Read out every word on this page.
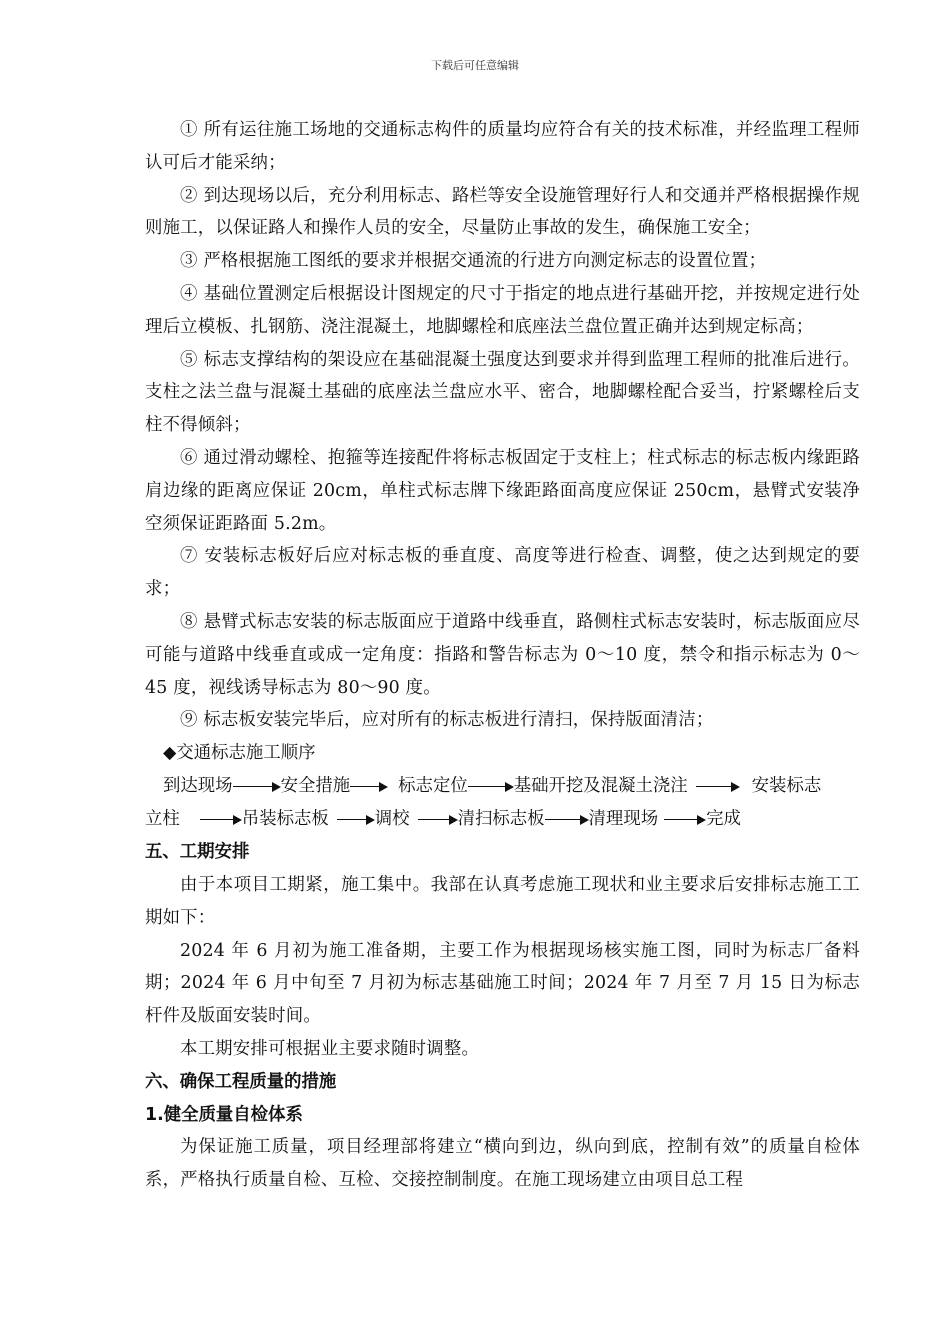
下载后可任意编辑

① 所有运往施工场地的交通标志构件的质量均应符合有关的技术标准，并经监理工程师认可后才能采纳；

② 到达现场以后，充分利用标志、路栏等安全设施管理好行人和交通并严格根据操作规则施工，以保证路人和操作人员的安全，尽量防止事故的发生，确保施工安全；

③ 严格根据施工图纸的要求并根据交通流的行进方向测定标志的设置位置；

④ 基础位置测定后根据设计图规定的尺寸于指定的地点进行基础开挖，并按规定进行处理后立模板、扎钢筋、浇注混凝土，地脚螺栓和底座法兰盘位置正确并达到规定标高；

⑤ 标志支撑结构的架设应在基础混凝土强度达到要求并得到监理工程师的批准后进行。支柱之法兰盘与混凝土基础的底座法兰盘应水平、密合，地脚螺栓配合妥当，拧紧螺栓后支柱不得倾斜；

⑥ 通过滑动螺栓、抱箍等连接配件将标志板固定于支柱上；柱式标志的标志板内缘距路肩边缘的距离应保证 20cm，单柱式标志牌下缘距路面高度应保证 250cm，悬臂式安装净空须保证距路面 5.2m。

⑦ 安装标志板好后应对标志板的垂直度、高度等进行检查、调整，使之达到规定的要求；

⑧ 悬臂式标志安装的标志版面应于道路中线垂直，路侧柱式标志安装时，标志版面应尽可能与道路中线垂直或成一定角度：指路和警告标志为 0～10 度，禁令和指示标志为 0～45 度，视线诱导标志为 80～90 度。

⑨ 标志板安装完毕后，应对所有的标志板进行清扫，保持版面清洁；

◆交通标志施工顺序

到达现场	安全措施	标志定位	基础开挖及混凝土浇注	安装标志
立柱	吊装标志板	调校	清扫标志板	清理现场	完成

五、工期安排

由于本项目工期紧，施工集中。我部在认真考虑施工现状和业主要求后安排标志施工工期如下：

2024 年 6 月初为施工准备期，主要工作为根据现场核实施工图，同时为标志厂备料期；2024 年 6 月中旬至 7 月初为标志基础施工时间；2024 年 7 月至 7 月 15 日为标志杆件及版面安装时间。

本工期安排可根据业主要求随时调整。

六、确保工程质量的措施

1.健全质量自检体系

为保证施工质量，项目经理部将建立“横向到边，纵向到底，控制有效”的质量自检体系，严格执行质量自检、互检、交接控制制度。在施工现场建立由项目总工程
